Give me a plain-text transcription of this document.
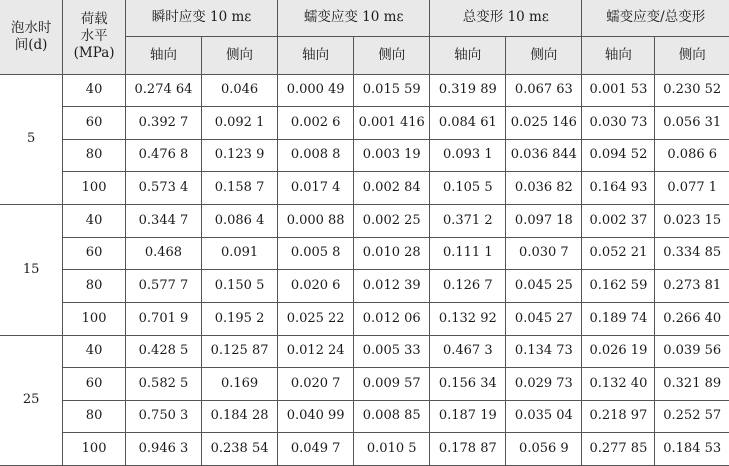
泡水时
间(d)	荷载
水平
(MPa)	瞬时应变 10 mε		蠕变应变 10 mε		总变形 10 mε		蠕变应变/总变形	
		轴向	侧向	轴向	侧向	轴向	侧向	轴向	侧向
5	40	0.274 64	0.046	0.000 49	0.015 59	0.319 89	0.067 63	0.001 53	0.230 52
	60	0.392 7	0.092 1	0.002 6	0.001 416	0.084 61	0.025 146	0.030 73	0.056 31
	80	0.476 8	0.123 9	0.008 8	0.003 19	0.093 1	0.036 844	0.094 52	0.086 6
	100	0.573 4	0.158 7	0.017 4	0.002 84	0.105 5	0.036 82	0.164 93	0.077 1
15	40	0.344 7	0.086 4	0.000 88	0.002 25	0.371 2	0.097 18	0.002 37	0.023 15
	60	0.468	0.091	0.005 8	0.010 28	0.111 1	0.030 7	0.052 21	0.334 85
	80	0.577 7	0.150 5	0.020 6	0.012 39	0.126 7	0.045 25	0.162 59	0.273 81
	100	0.701 9	0.195 2	0.025 22	0.012 06	0.132 92	0.045 27	0.189 74	0.266 40
25	40	0.428 5	0.125 87	0.012 24	0.005 33	0.467 3	0.134 73	0.026 19	0.039 56
	60	0.582 5	0.169	0.020 7	0.009 57	0.156 34	0.029 73	0.132 40	0.321 89
	80	0.750 3	0.184 28	0.040 99	0.008 85	0.187 19	0.035 04	0.218 97	0.252 57
	100	0.946 3	0.238 54	0.049 7	0.010 5	0.178 87	0.056 9	0.277 85	0.184 53
